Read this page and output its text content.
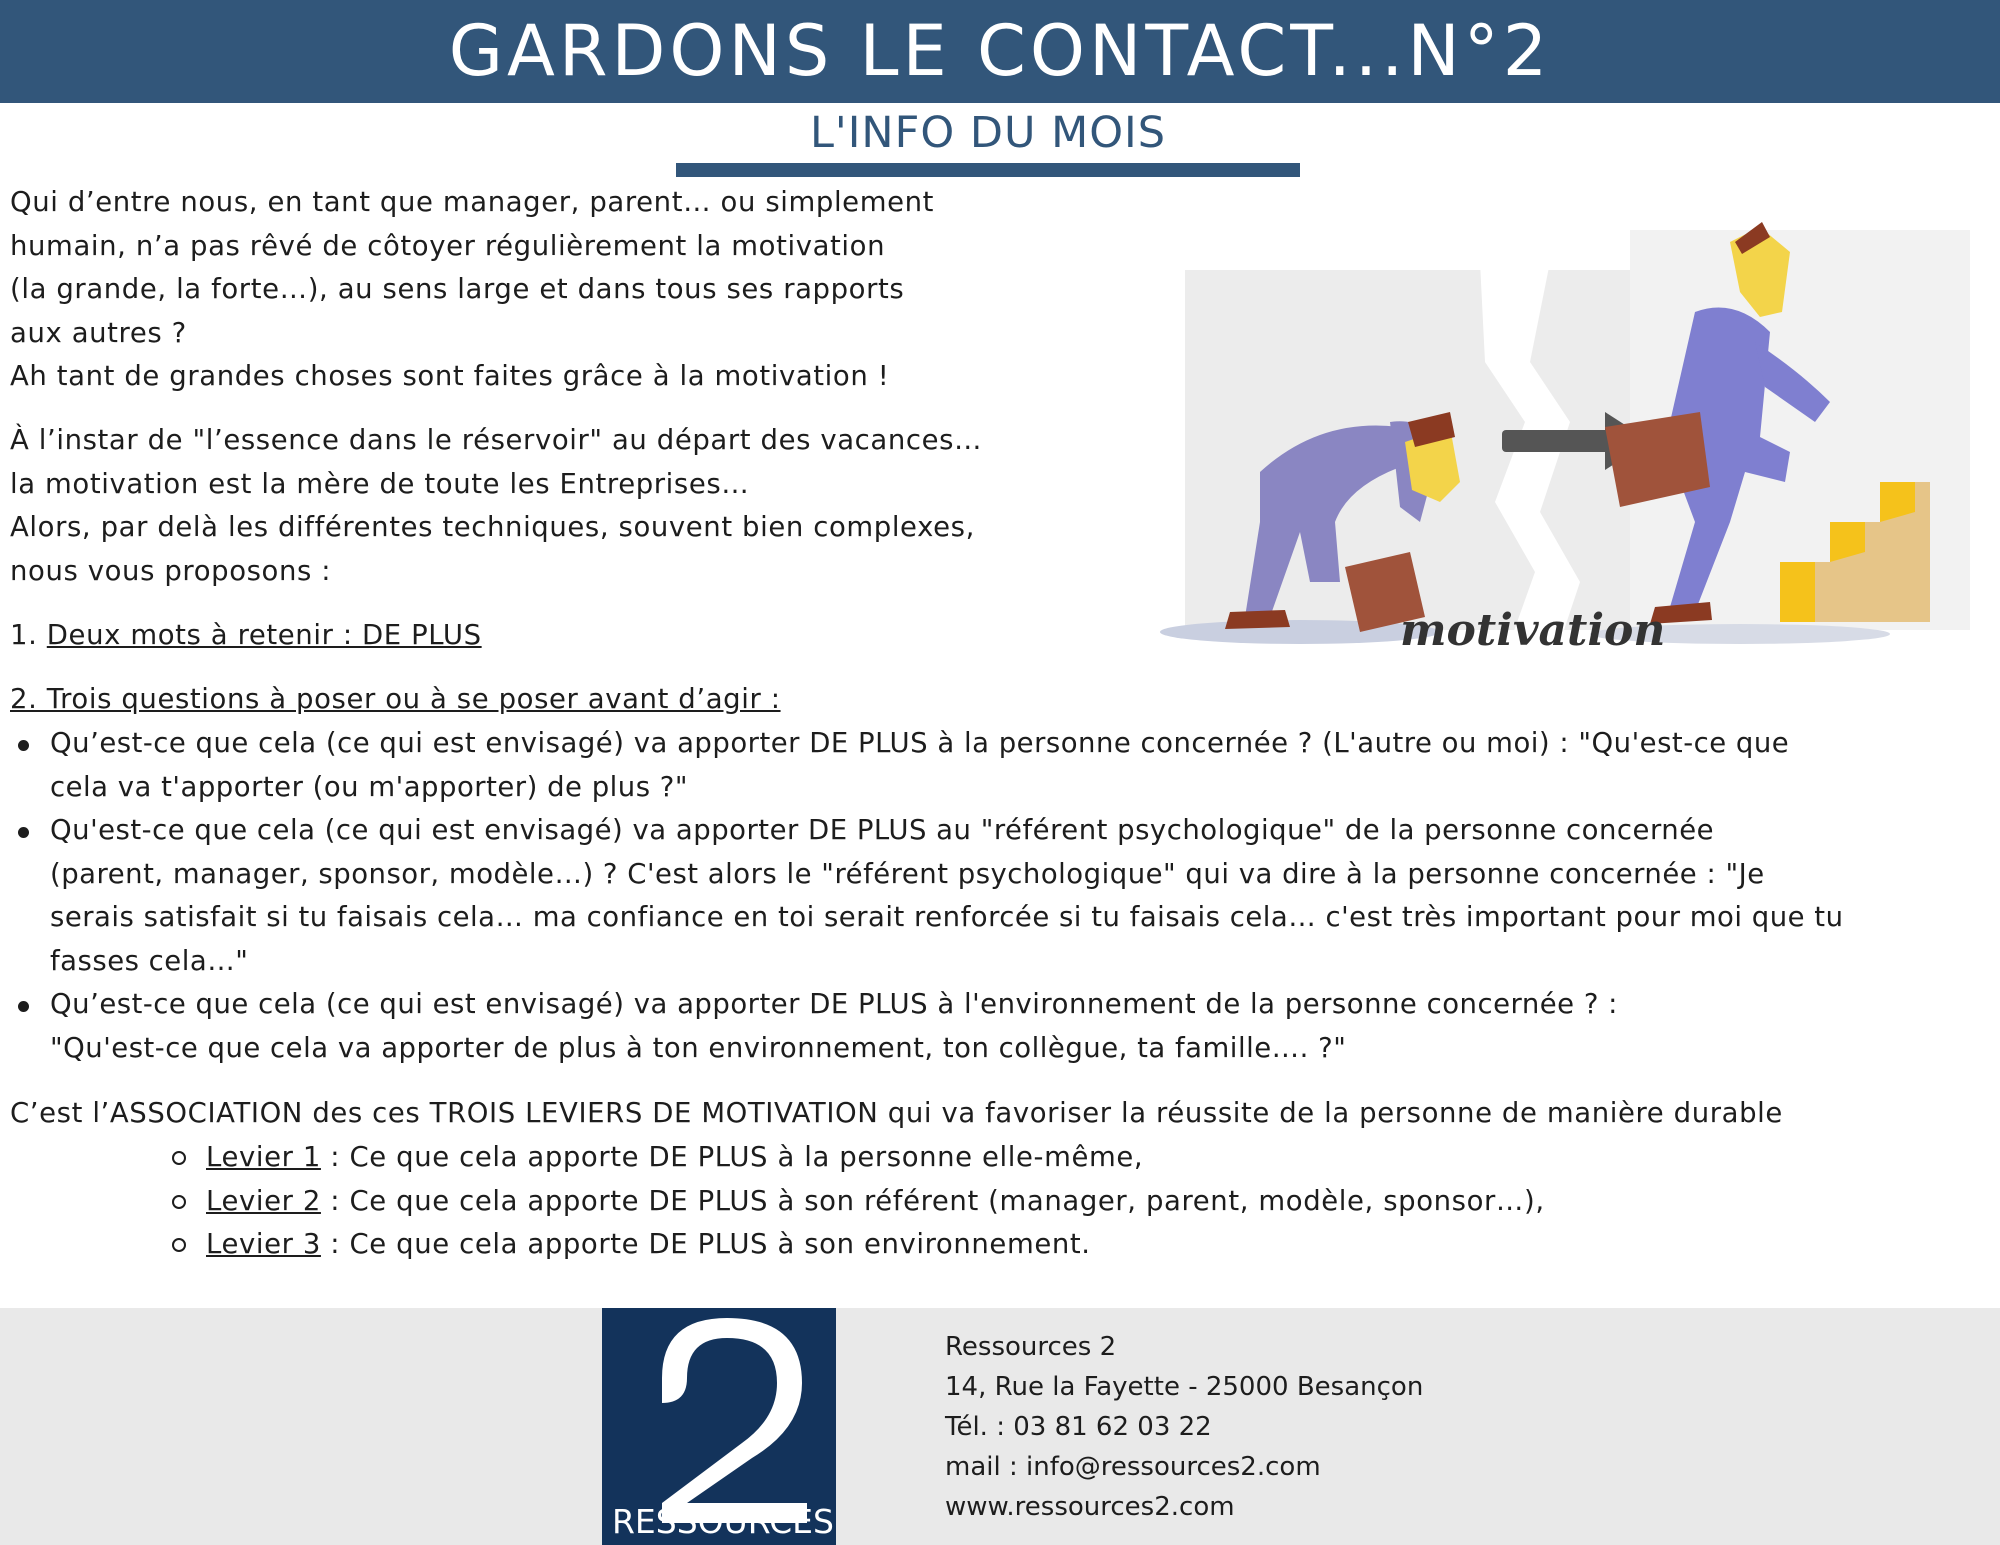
GARDONS LE CONTACT...N°2
L'INFO DU MOIS
Qui d’entre nous, en tant que manager, parent… ou simplement
humain, n’a pas rêvé de côtoyer régulièrement la motivation
(la grande, la forte…), au sens large et dans tous ses rapports
aux autres ?
Ah tant de grandes choses sont faites grâce à la motivation !
À l’instar de "l’essence dans le réservoir" au départ des vacances…
la motivation est la mère de toute les Entreprises…
Alors, par delà les différentes techniques, souvent bien complexes,
nous vous proposons :
1. Deux mots à retenir : DE PLUS
2. Trois questions à poser ou à se poser avant d’agir :
Qu’est-ce que cela (ce qui est envisagé) va apporter DE PLUS à la personne concernée ? (L'autre ou moi) : "Qu'est-ce que
cela va t'apporter (ou m'apporter) de plus ?"
Qu'est-ce que cela (ce qui est envisagé) va apporter DE PLUS au "référent psychologique" de la personne concernée
(parent, manager, sponsor, modèle…) ? C'est alors le "référent psychologique" qui va dire à la personne concernée : "Je
serais satisfait si tu faisais cela… ma confiance en toi serait renforcée si tu faisais cela… c'est très important pour moi que tu
fasses cela…"
Qu’est-ce que cela (ce qui est envisagé) va apporter DE PLUS à l'environnement de la personne concernée ? :
"Qu'est-ce que cela va apporter de plus à ton environnement, ton collègue, ta famille…. ?"
C’est l’ASSOCIATION des ces TROIS LEVIERS DE MOTIVATION qui va favoriser la réussite de la personne de manière durable
Levier 1 : Ce que cela apporte DE PLUS à la personne elle-même,
Levier 2 : Ce que cela apporte DE PLUS à son référent (manager, parent, modèle, sponsor…),
Levier 3 : Ce que cela apporte DE PLUS à son environnement.
motivation
RESSOURCES
Ressources 2
14, Rue la Fayette - 25000 Besançon
Tél. : 03 81 62 03 22
mail : info@ressources2.com
www.ressources2.com
